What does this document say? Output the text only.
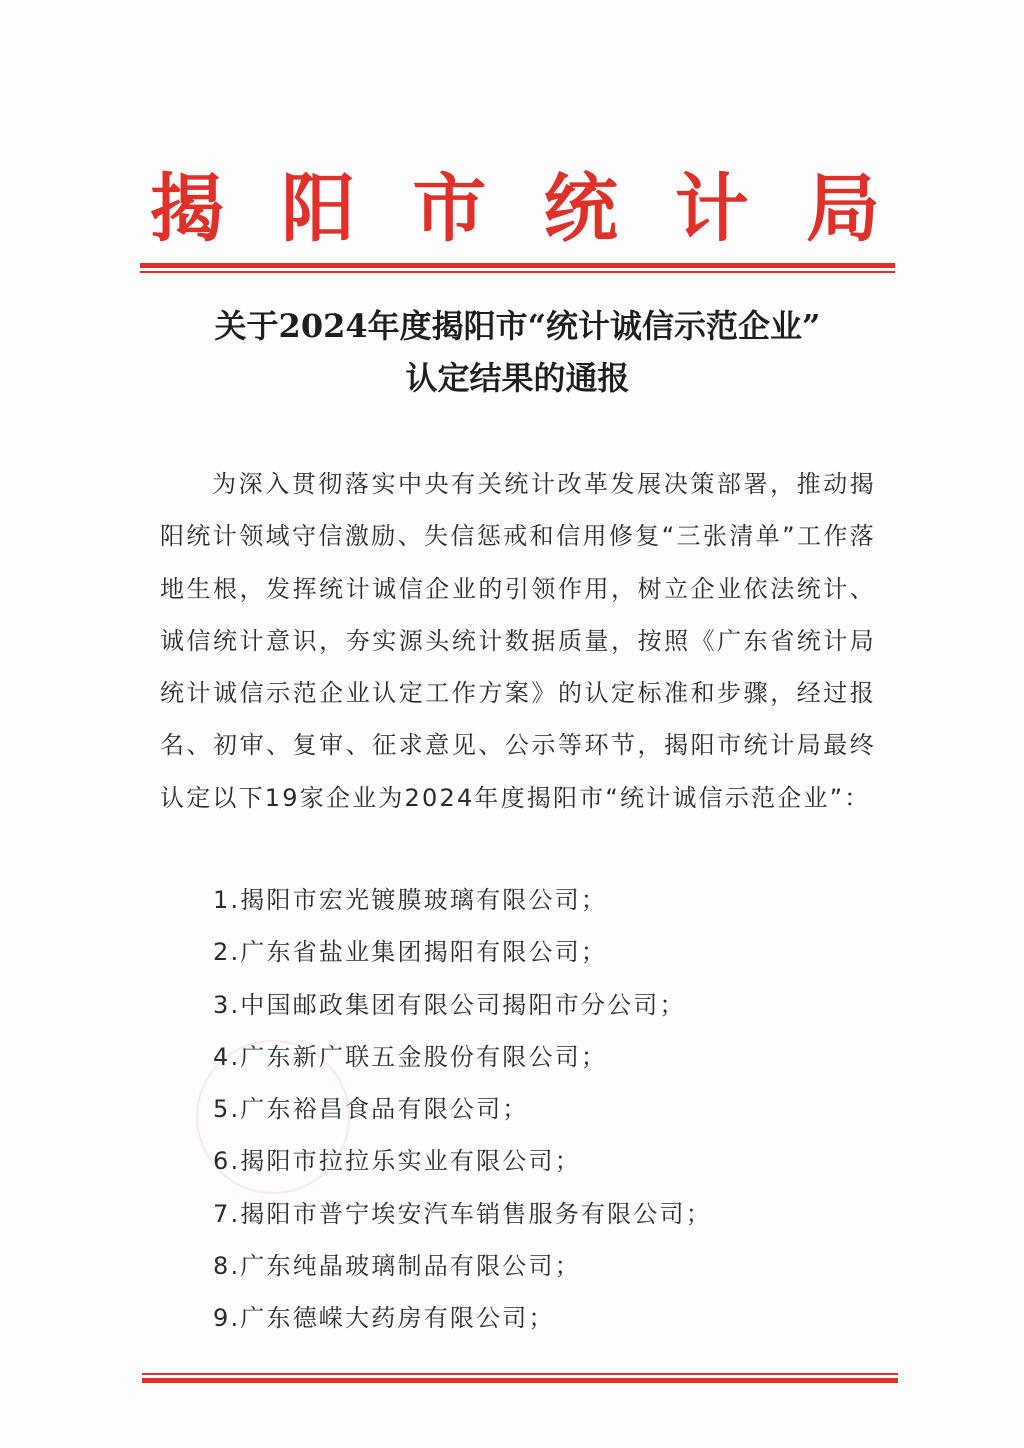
揭 阳 市 统 计 局
关于2024年度揭阳市“统计诚信示范企业”
认定结果的通报
为深入贯彻落实中央有关统计改革发展决策部署，推动揭阳统计领域守信激励、失信惩戒和信用修复“三张清单”工作落地生根，发挥统计诚信企业的引领作用，树立企业依法统计、诚信统计意识，夯实源头统计数据质量，按照《广东省统计局统计诚信示范企业认定工作方案》的认定标准和步骤，经过报名、初审、复审、征求意见、公示等环节，揭阳市统计局最终认定以下19家企业为2024年度揭阳市“统计诚信示范企业”：
1.揭阳市宏光镀膜玻璃有限公司；
2.广东省盐业集团揭阳有限公司；
3.中国邮政集团有限公司揭阳市分公司；
4.广东新广联五金股份有限公司；
5.广东裕昌食品有限公司；
6.揭阳市拉拉乐实业有限公司；
7.揭阳市普宁埃安汽车销售服务有限公司；
8.广东纯晶玻璃制品有限公司；
9.广东德嵘大药房有限公司；
